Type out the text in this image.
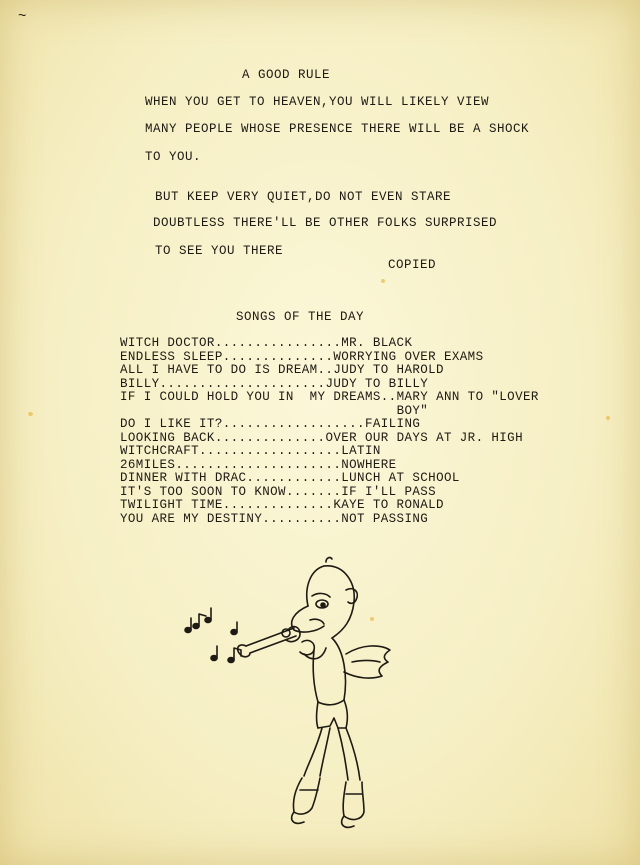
~
A GOOD RULE
WHEN YOU GET TO HEAVEN,YOU WILL LIKELY VIEW
MANY PEOPLE WHOSE PRESENCE THERE WILL BE A SHOCK
TO YOU.
BUT KEEP VERY QUIET,DO NOT EVEN STARE
DOUBTLESS THERE'LL BE OTHER FOLKS SURPRISED
TO SEE YOU THERE
COPIED
SONGS OF THE DAY
WITCH DOCTOR ................ MR. BLACK
ENDLESS SLEEP .............. WORRYING OVER EXAMS
ALL I HAVE TO DO IS DREAM .. JUDY TO HAROLD
BILLY ..................... JUDY TO BILLY
IF I COULD HOLD YOU IN  MY DREAMS .. MARY ANN TO "LOVER BOY"
DO I LIKE IT? .................. FAILING
LOOKING BACK .............. OVER OUR DAYS AT JR. HIGH
WITCHCRAFT .................. LATIN
26MILES ..................... NOWHERE
DINNER WITH DRAC ............ LUNCH AT SCHOOL
IT'S TOO SOON TO KNOW ....... IF I'LL PASS
TWILIGHT TIME .............. KAYE TO RONALD
YOU ARE MY DESTINY .......... NOT PASSING
